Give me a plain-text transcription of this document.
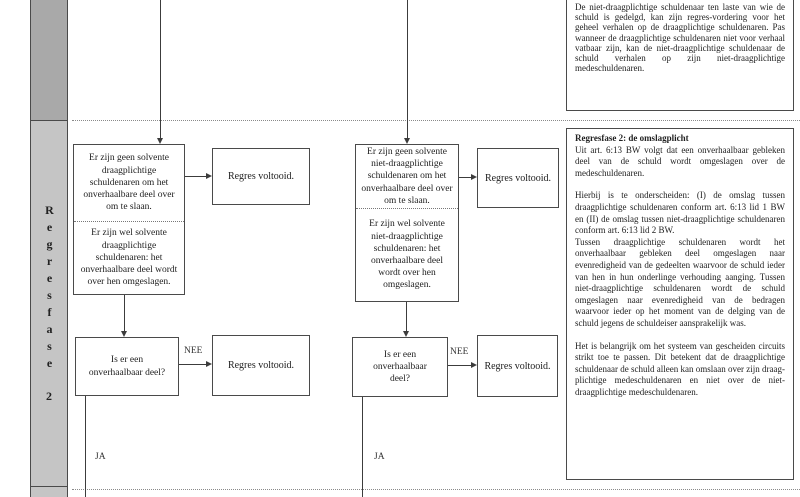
Regresfase
2
Er zijn geen solvente draagplichtige schuldenaren om het onverhaalbare deel over om te slaan.
Er zijn wel solvente draagplichtige schuldenaren: het onverhaalbare deel wordt over hen omgeslagen.
Regres voltooid.
Is er een onverhaalbaar deel?
NEE
Regres voltooid.
JA
Er zijn geen solvente niet-draagplichtige schuldenaren om het onverhaalbare deel over om te slaan.
Er zijn wel solvente niet-draagplichtige schuldenaren: het onverhaalbare deel wordt over hen omgeslagen.
Regres voltooid.
Is er een onverhaalbaar deel?
NEE
Regres voltooid.
JA
De niet-draagplichtige schuldenaar ten laste van wie de schuld is gedelgd, kan zijn regres-vordering voor het geheel verhalen op de draagplichtige schuldenaren. Pas wanneer de draagplichtige schuldenaren niet voor verhaal vatbaar zijn, kan de niet-draagplichtige schuldenaar de schuld verhalen op zijn niet-draagplichtige medeschuldenaren.
Regresfase 2: de omslagplicht

Uit art. 6:13 BW volgt dat een onverhaalbaar gebleken deel van de schuld wordt omgeslagen over de medeschuldenaren.

Hierbij is te onderscheiden: (I) de omslag tussen draagplichtige schuldenaren conform art. 6:13 lid 1 BW en (II) de omslag tussen niet-draagplichtige schuldenaren conform art. 6:13 lid 2 BW.

Tussen draagplichtige schuldenaren wordt het onverhaalbaar gebleken deel omgeslagen naar evenredigheid van de gedeelten waarvoor de schuld ieder van hen in hun onderlinge verhouding aanging. Tussen niet-draagplichtige schuldenaren wordt de schuld omgeslagen naar evenredigheid van de bedragen waarvoor ieder op het moment van de delging van de schuld jegens de schuldeiser aansprakelijk was.

Het is belangrijk om het systeem van gescheiden circuits strikt toe te passen. Dit betekent dat de draagplichtige schuldenaar de schuld alleen kan omslaan over zijn draag-plichtige medeschuldenaren en niet over de niet-draagplichtige medeschuldenaren.
